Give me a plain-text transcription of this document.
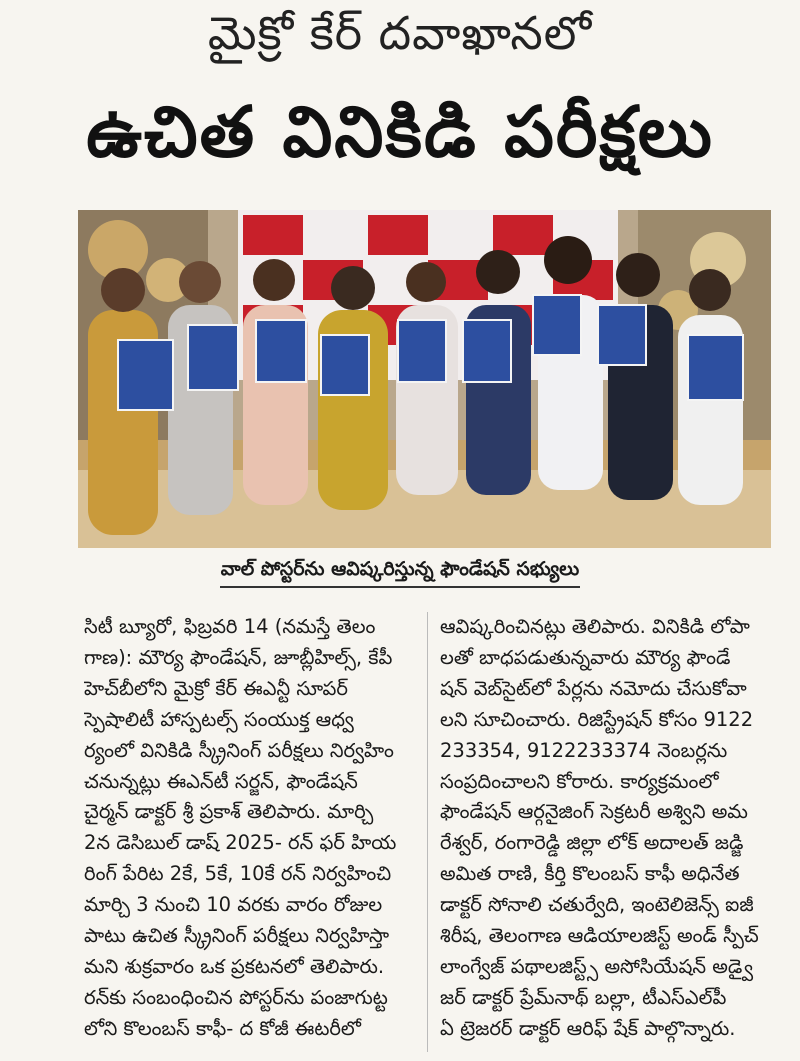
మైక్రో కేర్ దవాఖానలో
ఉచిత వినికిడి పరీక్షలు
వాల్ పోస్టర్‌ను ఆవిష్కరిస్తున్న ఫౌండేషన్ సభ్యులు
సిటీ బ్యూరో, ఫిబ్రవరి 14 (నమస్తే తెలం
గాణ): మౌర్య ఫౌండేషన్, జూబ్లీహిల్స్, కేపీ
హెచ్‌బీలోని మైక్రో కేర్ ఈఎన్టీ సూపర్
స్పెషాలిటీ హాస్పటల్స్ సంయుక్త ఆధ్వ
ర్యంలో వినికిడి స్క్రీనింగ్ పరీక్షలు నిర్వహిం
చనున్నట్లు ఈఎన్‌టీ సర్జన్, ఫౌండేషన్
చైర్మన్ డాక్టర్ శ్రీ ప్రకాశ్ తెలిపారు. మార్చి
2న డెసిబుల్ డాష్ 2025- రన్ ఫర్ హియ
రింగ్ పేరిట 2కే, 5కే, 10కే రన్ నిర్వహించి
మార్చి 3 నుంచి 10 వరకు వారం రోజుల
పాటు ఉచిత స్క్రీనింగ్ పరీక్షలు నిర్వహిస్తా
మని శుక్రవారం ఒక ప్రకటనలో తెలిపారు.
రన్‌కు సంబంధించిన పోస్టర్‌ను పంజాగుట్ట
లోని కొలంబస్ కాఫీ- ద కోజీ ఈటరీలో
ఆవిష్కరించినట్లు తెలిపారు. వినికిడి లోపా
లతో బాధపడుతున్నవారు మౌర్య ఫౌండే
షన్ వెబ్‌సైట్‌లో పేర్లను నమోదు చేసుకోవా
లని సూచించారు. రిజిస్ట్రేషన్ కోసం 9122
233354, 9122233374 నెంబర్లను
సంప్రదించాలని కోరారు. కార్యక్రమంలో
ఫౌండేషన్ ఆర్గనైజింగ్ సెక్రటరీ అశ్విని అమ
రేశ్వర్, రంగారెడ్డి జిల్లా లోక్ అదాలత్ జడ్జి
అమిత రాణి, కీర్తి కొలంబస్ కాఫీ అధినేత
డాక్టర్ సోనాలి చతుర్వేది, ఇంటెలిజెన్స్ ఐజీ
శిరీష, తెలంగాణ ఆడియాలజిస్ట్ అండ్ స్పీచ్
లాంగ్వేజ్ పథాలజిస్ట్స్ అసోసియేషన్ అడ్వై
జర్ డాక్టర్ ప్రేమ్‌నాథ్ బల్లా, టీఎస్‌ఎల్‌పీ
ఏ ట్రెజరర్ డాక్టర్ ఆరిఫ్ షేక్ పాల్గొన్నారు.
